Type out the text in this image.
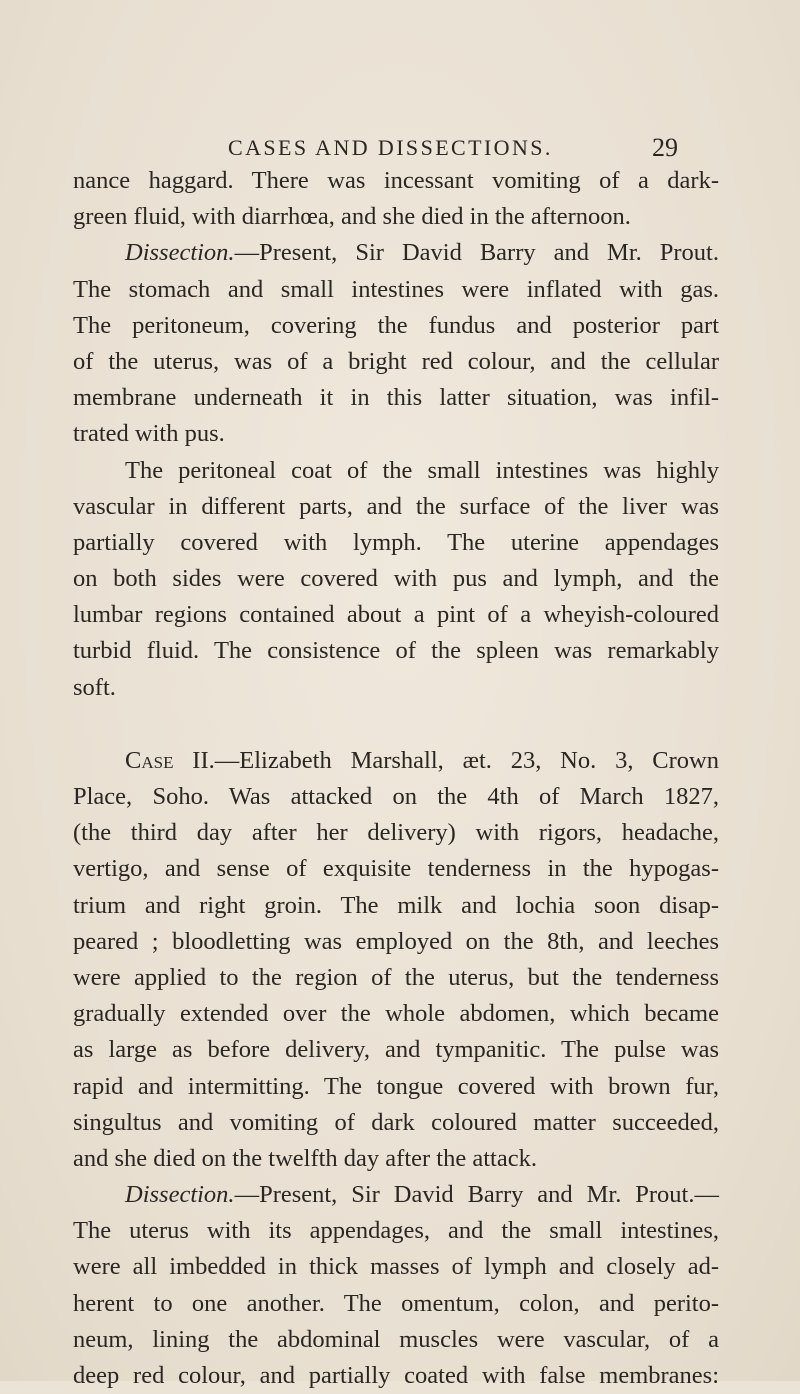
CASES AND DISSECTIONS.	29
nance haggard. There was incessant vomiting of a dark-
green fluid, with diarrhœa, and she died in the afternoon.
Dissection.—Present, Sir David Barry and Mr. Prout.
The stomach and small intestines were inflated with gas.
The peritoneum, covering the fundus and posterior part
of the uterus, was of a bright red colour, and the cellular
membrane underneath it in this latter situation, was infil-
trated with pus.
The peritoneal coat of the small intestines was highly
vascular in different parts, and the surface of the liver was
partially covered with lymph. The uterine appendages
on both sides were covered with pus and lymph, and the
lumbar regions contained about a pint of a wheyish-coloured
turbid fluid. The consistence of the spleen was remarkably
soft.
Case II.—Elizabeth Marshall, æt. 23, No. 3, Crown
Place, Soho. Was attacked on the 4th of March 1827,
(the third day after her delivery) with rigors, headache,
vertigo, and sense of exquisite tenderness in the hypogas-
trium and right groin. The milk and lochia soon disap-
peared ; bloodletting was employed on the 8th, and leeches
were applied to the region of the uterus, but the tenderness
gradually extended over the whole abdomen, which became
as large as before delivery, and tympanitic. The pulse was
rapid and intermitting. The tongue covered with brown fur,
singultus and vomiting of dark coloured matter succeeded,
and she died on the twelfth day after the attack.
Dissection.—Present, Sir David Barry and Mr. Prout.—
The uterus with its appendages, and the small intestines,
were all imbedded in thick masses of lymph and closely ad-
herent to one another. The omentum, colon, and perito-
neum, lining the abdominal muscles were vascular, of a
deep red colour, and partially coated with false membranes:
